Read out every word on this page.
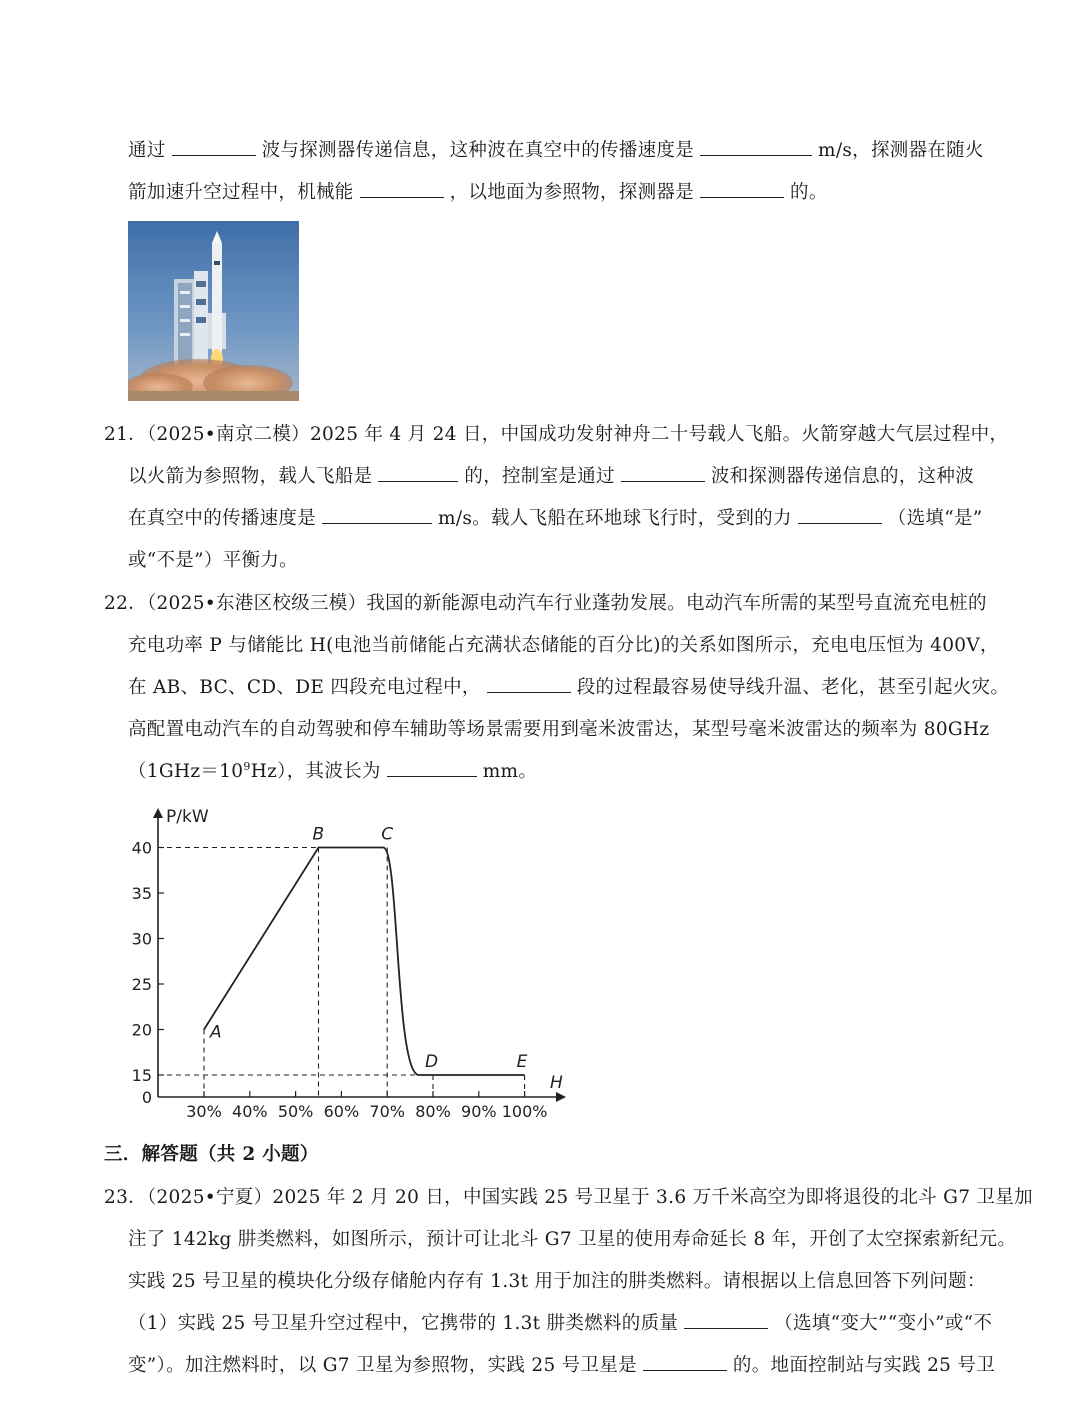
通过	波与探测器传递信息，这种波在真空中的传播速度是	m/s，探测器在随火
箭加速升空过程中，机械能	，以地面为参照物，探测器是	的。
21．（2025•南京二模）2025 年 4 月 24 日，中国成功发射神舟二十号载人飞船。火箭穿越大气层过程中，
以火箭为参照物，载人飞船是	的，控制室是通过	波和探测器传递信息的，这种波
在真空中的传播速度是	m/s。载人飞船在环地球飞行时，受到的力	（选填“是”
或“不是”）平衡力。
22．（2025•东港区校级三模）我国的新能源电动汽车行业蓬勃发展。电动汽车所需的某型号直流充电桩的
充电功率 P 与储能比 H(电池当前储能占充满状态储能的百分比)的关系如图所示，充电电压恒为 400V，
在 AB、BC、CD、DE 四段充电过程中，	段的过程最容易使导线升温、老化，甚至引起火灾。
高配置电动汽车的自动驾驶和停车辅助等场景需要用到毫米波雷达，某型号毫米波雷达的频率为 80GHz
$(1GHz=10^9Hz)$，其波长为	mm。
P/kW
H
0
15
20
25
30
35
40
30% 40% 50% 60% 70% 80% 90% 100%
A
B	C
D	E
三．解答题（共 2 小题）
23．（2025•宁夏）2025 年 2 月 20 日，中国实践 25 号卫星于 3.6 万千米高空为即将退役的北斗 G7 卫星加
注了 142kg 肼类燃料，如图所示，预计可让北斗 G7 卫星的使用寿命延长 8 年，开创了太空探索新纪元。
实践 25 号卫星的模块化分级存储舱内存有 1.3t 用于加注的肼类燃料。请根据以上信息回答下列问题：
（1）实践 25 号卫星升空过程中，它携带的 1.3t 肼类燃料的质量	（选填“变大”“变小”或“不
变”）。加注燃料时，以 G7 卫星为参照物，实践 25 号卫星是	的。地面控制站与实践 25 号卫
